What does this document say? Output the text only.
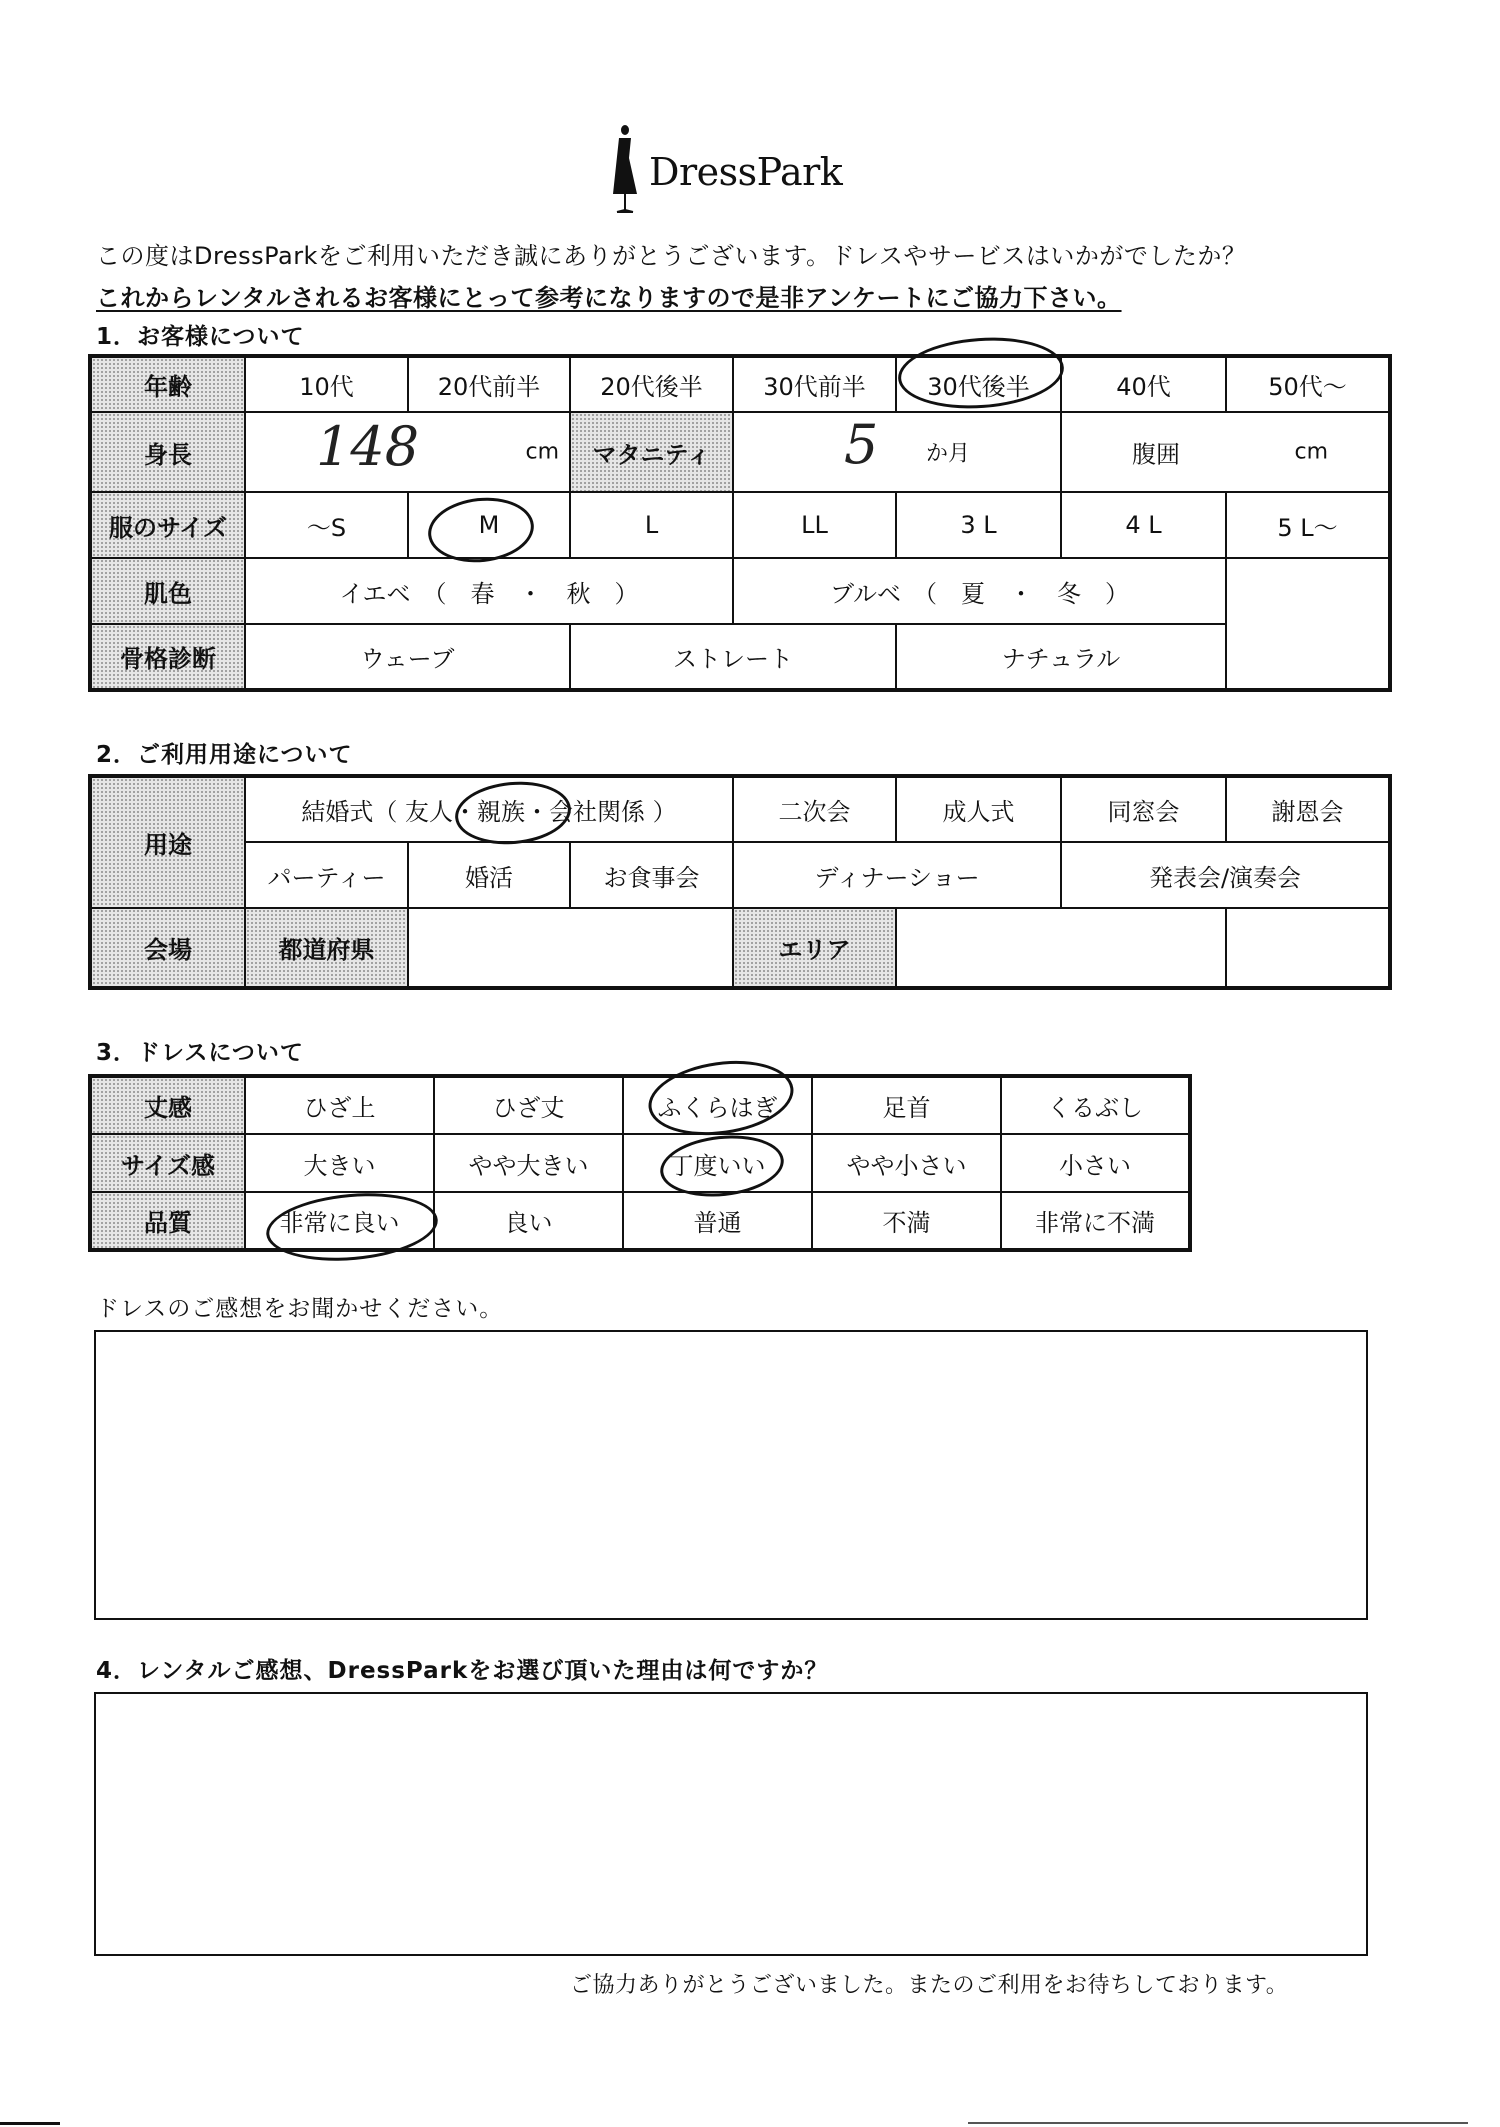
DressPark
この度はDressParkをご利用いただき誠にありがとうございます。ドレスやサービスはいかがでしたか？
これからレンタルされるお客様にとって参考になりますので是非アンケートにご協力下さい。
1．お客様について
年齢	10代	20代前半	20代後半	30代前半	30代後半	40代	50代～
身長	148 cm		マタニティ	5 か月		腹囲 cm	

服のサイズ	～S	M	L	LL	3 L	4 L	5 L～
肌色	イエベ　（　春　・　秋　）			ブルベ　（　夏　・　冬　）			
骨格診断	ウェーブ		ストレート		ナチュラル		
2．ご利用用途について
用途	結婚式（ 友人・親族・会社関係 ）			二次会	成人式	同窓会	謝恩会
	パーティー	婚活	お食事会	ディナーショー		発表会/演奏会	
会場	都道府県			エリア			
3．ドレスについて
丈感	ひざ上	ひざ丈	ふくらはぎ	足首	くるぶし
サイズ感	大きい	やや大きい	丁度いい	やや小さい	小さい
品質	非常に良い	良い	普通	不満	非常に不満
ドレスのご感想をお聞かせください。
4．レンタルご感想、DressParkをお選び頂いた理由は何ですか？
ご協力ありがとうございました。またのご利用をお待ちしております。
